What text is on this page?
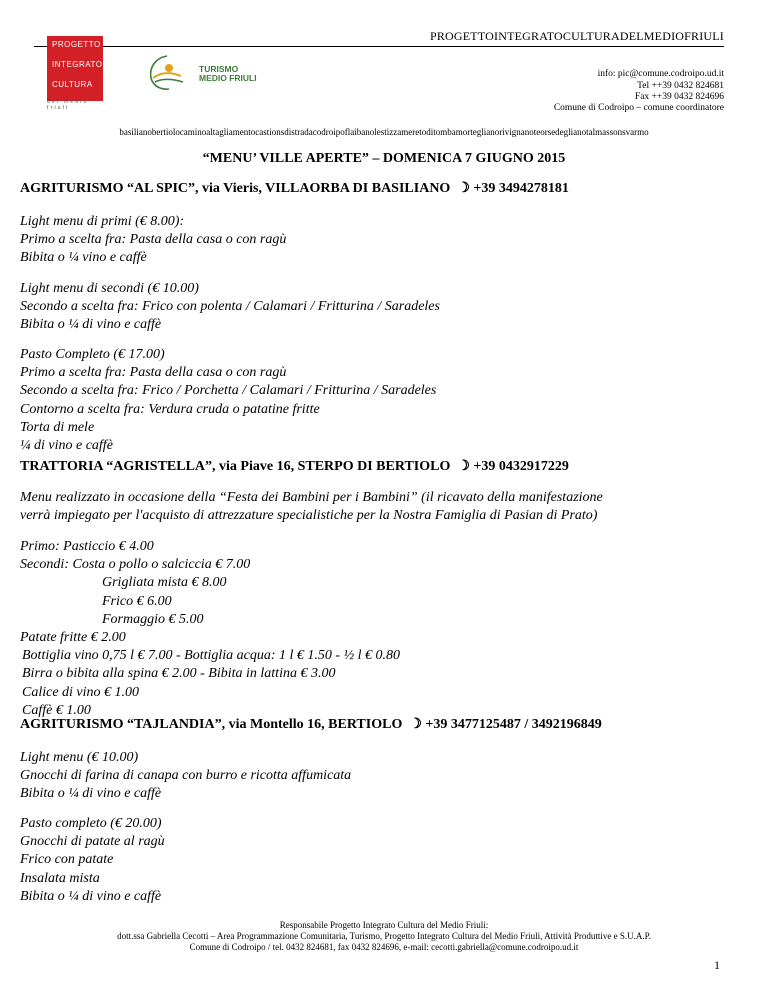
PROGETTOINTEGRATOCULTURADELMEDIOFRIULI
PROGETTO
INTEGRATO
CULTURA
del medio friuli
TURISMO
MEDIO FRIULI	info: pic@comune.codroipo.ud.it
Tel ++39 0432 824681
Fax ++39 0432 824696
Comune di Codroipo – comune coordinatore
basilianobertiolocaminoaltagliamentocastionsdistradacodroipoflaibanolestizzameretoditombamorteglianorivignanoteorsedeglianotalmassonsvarmo
“MENU’ VILLE APERTE” – DOMENICA 7 GIUGNO 2015
AGRITURISMO “AL SPIC”, via Vieris, VILLAORBA DI BASILIANO  ☽ +39 3494278181
Light menu di primi (€ 8.00):
Primo a scelta fra: Pasta della casa o con ragù
Bibita o ¼ vino e caffè
Light menu di secondi (€ 10.00)
Secondo a scelta fra: Frico con polenta / Calamari / Fritturina / Saradeles
Bibita o ¼ di vino e caffè
Pasto Completo (€ 17.00)
Primo a scelta fra: Pasta della casa o con ragù
Secondo a scelta fra: Frico / Porchetta / Calamari / Fritturina / Saradeles
Contorno a scelta fra: Verdura cruda o patatine fritte
Torta di mele
¼ di vino e caffè
TRATTORIA “AGRISTELLA”, via Piave 16, STERPO DI BERTIOLO  ☽ +39 0432917229
Menu realizzato in occasione della “Festa dei Bambini per i Bambini” (il ricavato della manifestazione
verrà impiegato per l'acquisto di attrezzature specialistiche per la Nostra Famiglia di Pasian di Prato)
Primo: Pasticcio € 4.00
Secondi: Costa o pollo o salciccia € 7.00
Grigliata mista € 8.00
Frico € 6.00
Formaggio € 5.00
Patate fritte € 2.00
Bottiglia vino 0,75 l € 7.00 - Bottiglia acqua: 1 l € 1.50 - ½ l € 0.80
Birra o bibita alla spina € 2.00 - Bibita in lattina € 3.00
Calice di vino € 1.00
Caffè € 1.00
AGRITURISMO “TAJLANDIA”, via Montello 16, BERTIOLO  ☽ +39 3477125487 / 3492196849
Light menu (€ 10.00)
Gnocchi di farina di canapa con burro e ricotta affumicata
Bibita o ¼ di vino e caffè
Pasto completo (€ 20.00)
Gnocchi di patate al ragù
Frico con patate
Insalata mista
Bibita o ¼ di vino e caffè
Responsabile Progetto Integrato Cultura del Medio Friuli:
dott.ssa Gabriella Cecotti – Area Programmazione Comunitaria, Turismo, Progetto Integrato Cultura del Medio Friuli, Attività Produttive e S.U.A.P.
Comune di Codroipo / tel. 0432 824681, fax 0432 824696, e-mail: cecotti.gabriella@comune.codroipo.ud.it
1
